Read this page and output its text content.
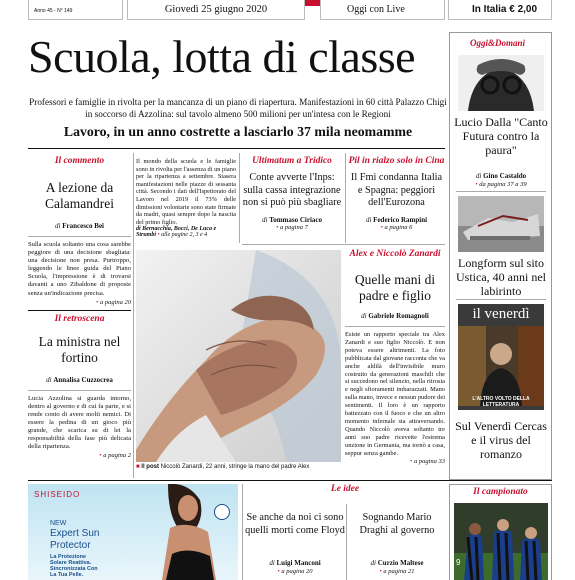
Anno 45 - N° 149	Giovedì 25 giugno 2020	Oggi con Live	In Italia € 2,00
Scuola, lotta di classe
Professori e famiglie in rivolta per la mancanza di un piano di riapertura. Manifestazioni in 60 città Palazzo Chigi in soccorso di Azzolina: sul tavolo almeno 500 milioni per un'intesa con le Regioni
Lavoro, in un anno costrette a lasciarlo 37 mila neomamme
Il commento
A lezione da Calamandrei
di Francesco Bei
Sulla scuola soltanto una cosa sarebbe peggiore di una decisione sbagliata: una decisione non presa. Purtroppo, leggendo le linee guida del Piano Scuola, l'impressione è di trovarsi davanti a uno Zibaldone di proposte senza un'indicazione precisa.
• a pagina 20
Il retroscena
La ministra nel fortino
di Annalisa Cuzzocrea
Lucia Azzolina si guarda intorno, dentro al governo e di cui fa parte, e si rende conto di avere molti nemici. Di essere la pedina di un gioco più grande, che scarica su di lei la responsabilità della fase più delicata della ripartenza.
• a pagina 2
Il mondo della scuola e le famiglie sono in rivolta per l'assenza di un piano per la ripartenza a settembre. Stasera manifestazioni nelle piazze di sessanta città. Secondo i dati dell'Ispettorato del Lavoro nel 2019 il 73% delle dimissioni volontarie sono state firmate da madri, quasi sempre dopo la nascita del primo figlio.
di Bernacchia, Bocci, De Luca e Strumbi • alle pagine 2, 3 e 4
Ultimatum a Tridico
Conte avverte l'Inps: sulla cassa integrazione non si può più sbagliare
di Tommaso Ciriaco
• a pagina 7
Pil in rialzo solo in Cina
Il Fmi condanna Italia e Spagna: peggiori dell'Eurozona
di Federico Rampini
• a pagina 6
■ Il post Niccolò Zanardi, 22 anni, stringe la mano del padre Alex
Alex e Niccolò Zanardi
Quelle mani di padre e figlio
di Gabriele Romagnoli
Esiste un rapporto speciale tra Alex Zanardi e suo figlio Niccolò. E non poteva essere altrimenti. La foto pubblicata dal giovane racconta che va anche aldilà dell'invisibile muro costruito da generazioni maschili che si succedono nel silenzio, nella ritrosia e negli sfioramenti imbarazzati. Mano sulla mano, invece e nessun pudore dei sentimenti. Il loro è un rapporto battezzato con il fuoco e che un altro momento infernale sta attraversando. Quando Niccolò aveva soltanto tre anni suo padre ricevette l'estrema unzione in Germania, ma tornò a casa, seppur senza gambe.
• a pagina 33
Oggi&Domani
Lucio Dalla "Canto Futura contro la paura"
di Gino Castaldo
• da pagina 37 a 39
Longform sul sito Ustica, 40 anni nel labirinto
il venerdì
L'ALTRO VOLTO DELLA LETTERATURA
Sul Venerdì Cercas e il virus del romanzo
SHISEIDO
NEW
Expert Sun
Protector
La Protezione
Solare Reattiva.
Sincronizzata Con
La Tua Pelle.
Le idee
Se anche da noi ci sono quelli morti come Floyd
di Luigi Manconi
• a pagina 20
Sognando Mario Draghi al governo
di Curzio Maltese
• a pagina 21
Il campionato
9
